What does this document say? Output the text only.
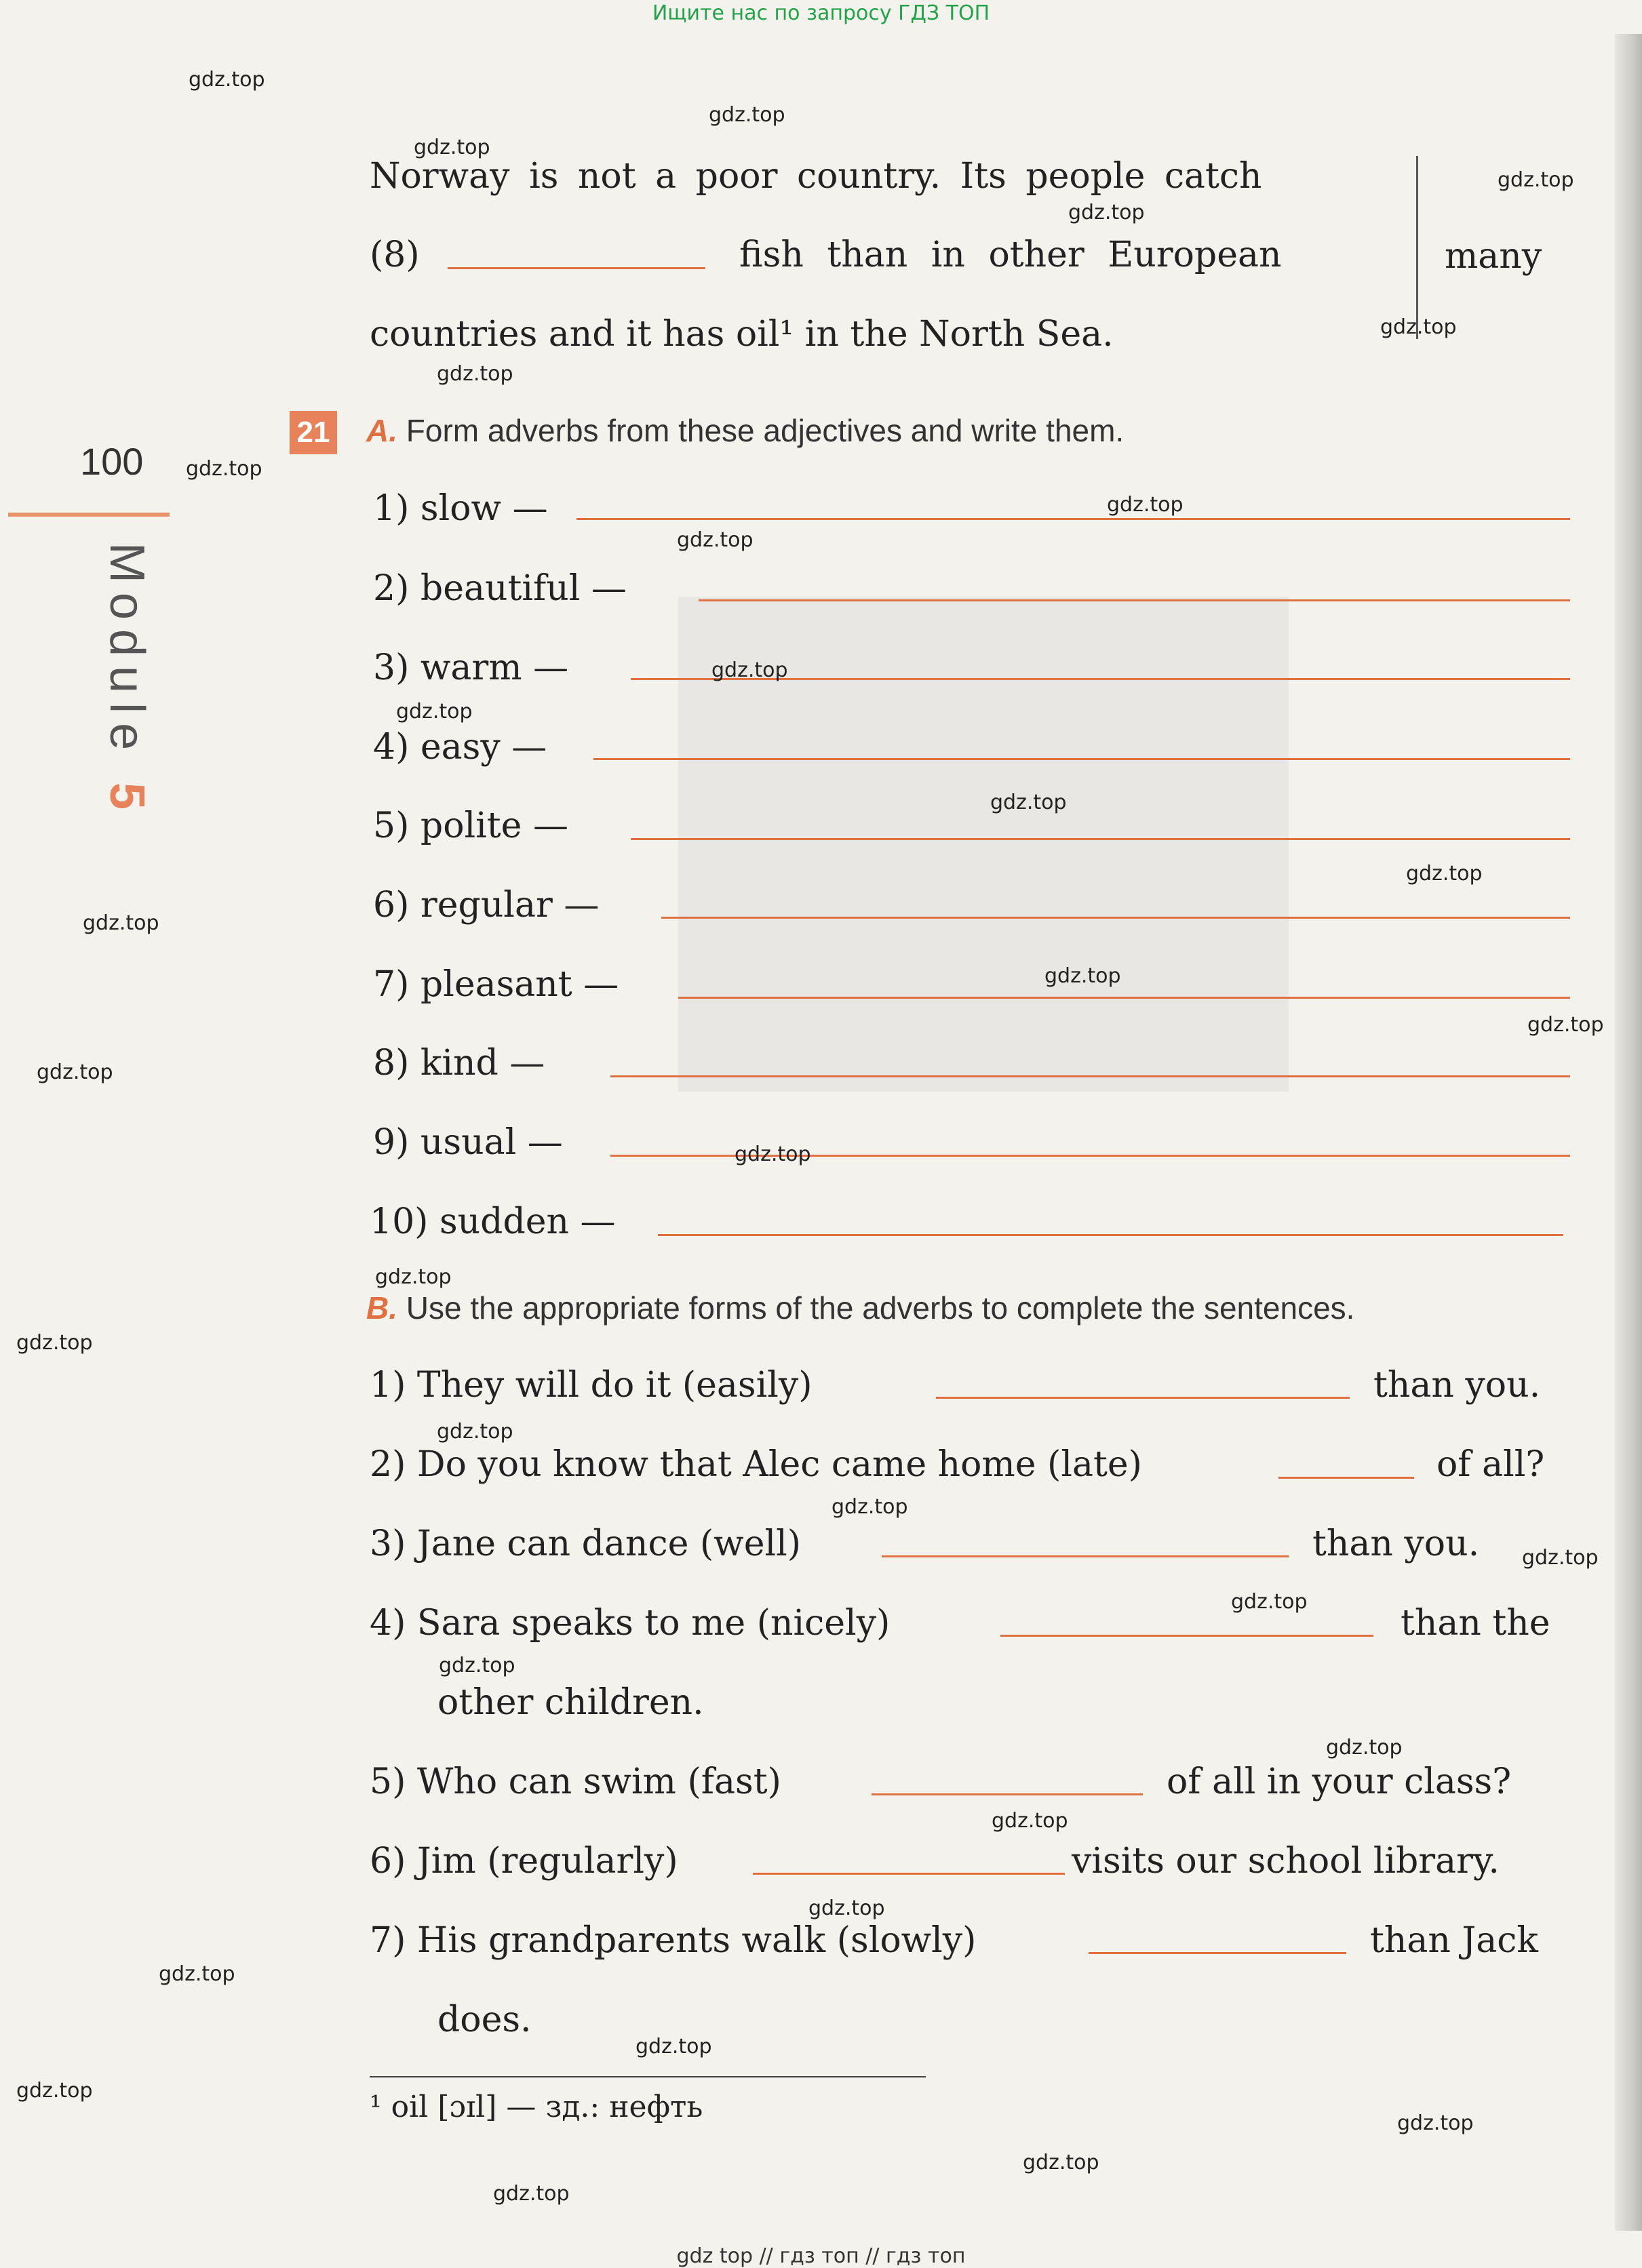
Ищите нас по запросу ГДЗ ТОП
100
Module 5
Norway is not a poor country. Its people catch
(8)	fish than in other European
countries and it has oil¹ in the North Sea.
many
21 A. Form adverbs from these adjectives and write them.
1) slow —
2) beautiful —
3) warm —
4) easy —
5) polite —
6) regular —
7) pleasant —
8) kind —
9) usual —
10) sudden —
B. Use the appropriate forms of the adverbs to complete the sentences.
1) They will do it (easily)	than you.
2) Do you know that Alec came home (late)	of all?
3) Jane can dance (well)	than you.
4) Sara speaks to me (nicely)	than the
other children.
5) Who can swim (fast)	of all in your class?
6) Jim (regularly)	visits our school library.
7) His grandparents walk (slowly)	than Jack
does.
¹ oil [ɔɪl] — зд.: нефть
gdz top // гдз топ // гдз топ
gdz.top
gdz.top
gdz.top
gdz.top
gdz.top
gdz.top
gdz.top
gdz.top
gdz.top
gdz.top
gdz.top
gdz.top
gdz.top
gdz.top
gdz.top
gdz.top
gdz.top
gdz.top
gdz.top
gdz.top
gdz.top
gdz.top
gdz.top
gdz.top
gdz.top
gdz.top
gdz.top
gdz.top
gdz.top
gdz.top
gdz.top
gdz.top
gdz.top
gdz.top
gdz.top
